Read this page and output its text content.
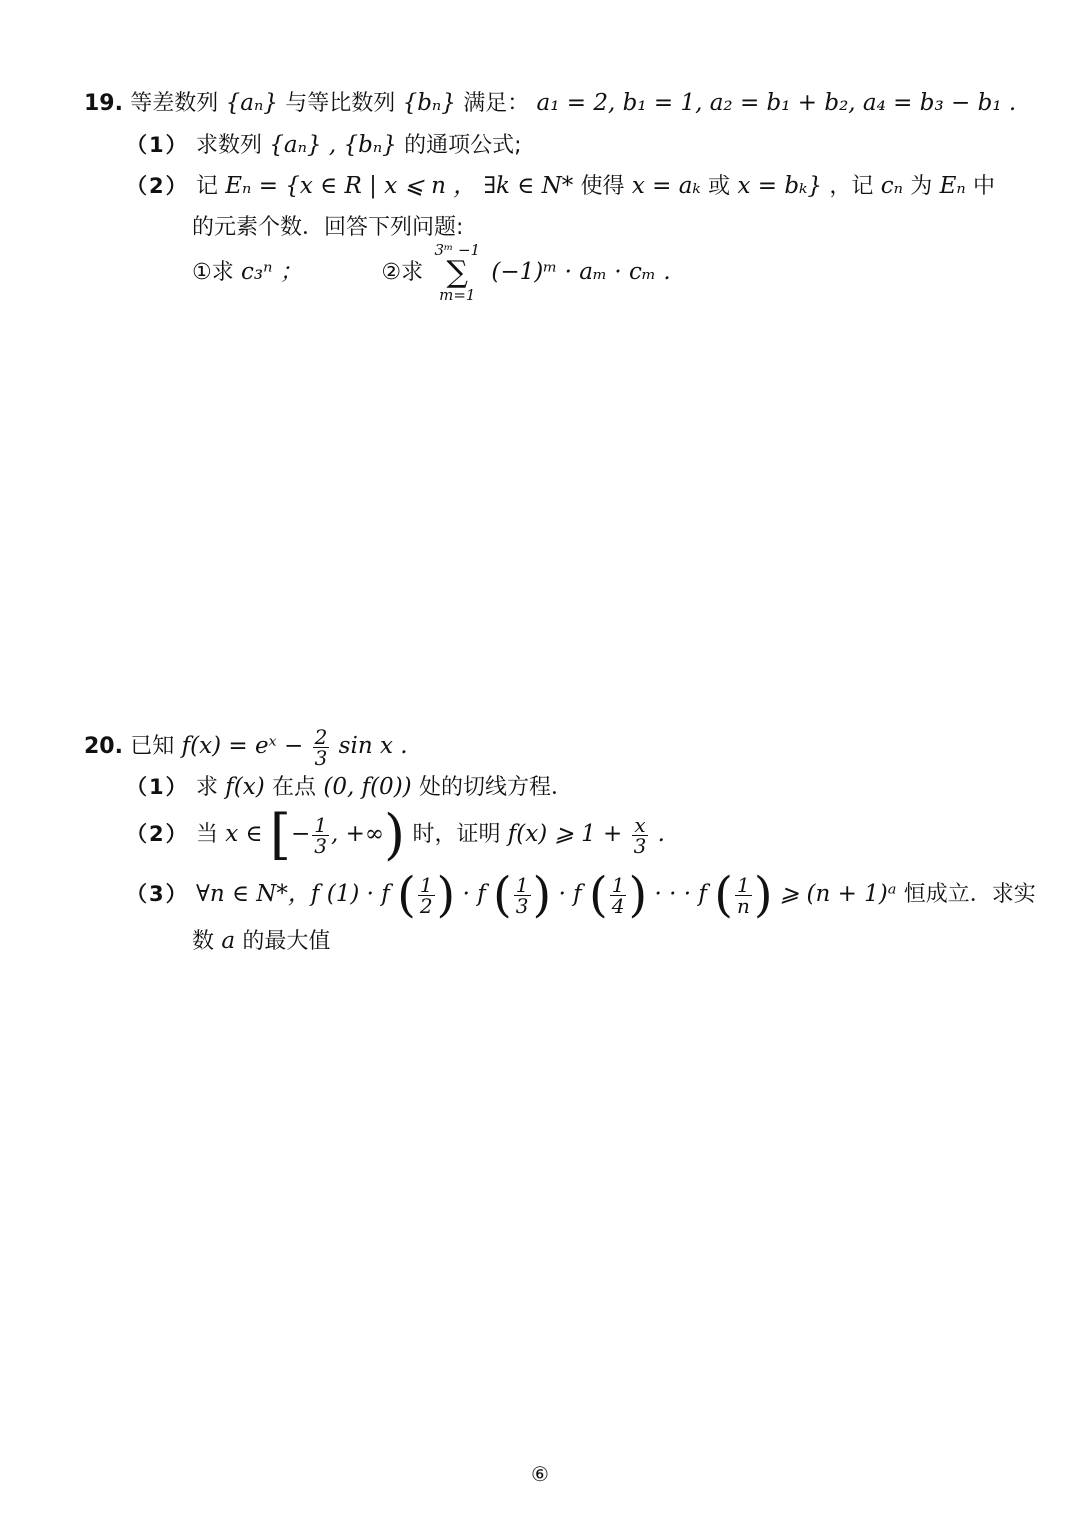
19. 等差数列 {aₙ} 与等比数列 {bₙ} 满足： a₁ = 2, b₁ = 1, a₂ = b₁ + b₂, a₄ = b₃ − b₁ .
（1） 求数列 {aₙ} , {bₙ} 的通项公式;
（2） 记 Eₙ = {x ∈ R | x ⩽ n ， ∃k ∈ N* 使得 x = aₖ 或 x = bₖ} ，记 cₙ 为 Eₙ 中
的元素个数．回答下列问题:
①求 c₃ⁿ ；	②求
3ᵐ −1
∑
m=1
(−1)ᵐ · aₘ · cₘ .
20. 已知 f(x) = eˣ − $\frac{2}{3}$ sin x .
（1） 求 f(x) 在点 (0, f(0)) 处的切线方程．
（2） 当 x ∈ [− $\frac{1}{3}$ , +∞) 时，证明 f(x) ⩾ $1 + \frac{x}{3}$ .
（3） ∀n ∈ N*，f (1) · f ( $\frac{1}{2}$ ) · f ( $\frac{1}{3}$ ) · f ( $\frac{1}{4}$ ) · · · f ( $\frac{1}{n}$ ) ⩾ (n + 1)ᵃ 恒成立．求实
数 a 的最大值
⑥
